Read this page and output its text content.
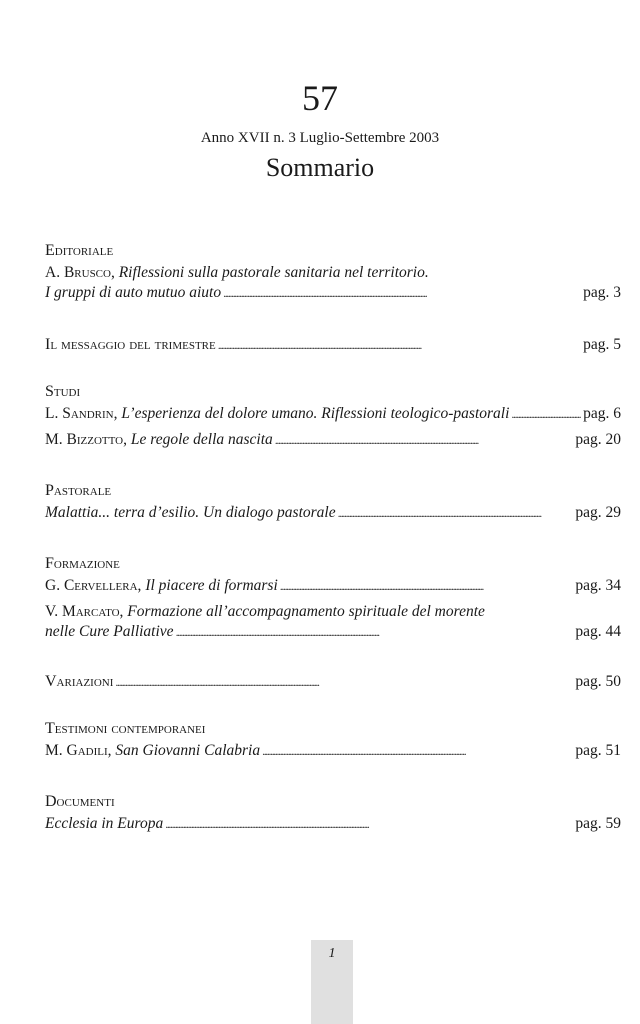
57
Anno XVII n. 3 Luglio-Settembre 2003
Sommario
Editoriale
A. Brusco, Riflessioni sulla pastorale sanitaria nel territorio.
I gruppi di auto mutuo aiuto . . .	pag. 3
Il messaggio del trimestre . . .	pag. 5
Studi
L. Sandrin, L’esperienza del dolore umano. Riflessioni teologico-pastorali . . .	pag. 6
M. Bizzotto, Le regole della nascita . . .	pag. 20
Pastorale
Malattia... terra d’esilio. Un dialogo pastorale . . .	pag. 29
Formazione
G. Cervellera, Il piacere di formarsi . . .	pag. 34
V. Marcato, Formazione all’accompagnamento spirituale del morente
nelle Cure Palliative . . .	pag. 44
Variazioni . . .	pag. 50
Testimoni contemporanei
M. Gadili, San Giovanni Calabria . . .	pag. 51
Documenti
Ecclesia in Europa . . .	pag. 59
1
